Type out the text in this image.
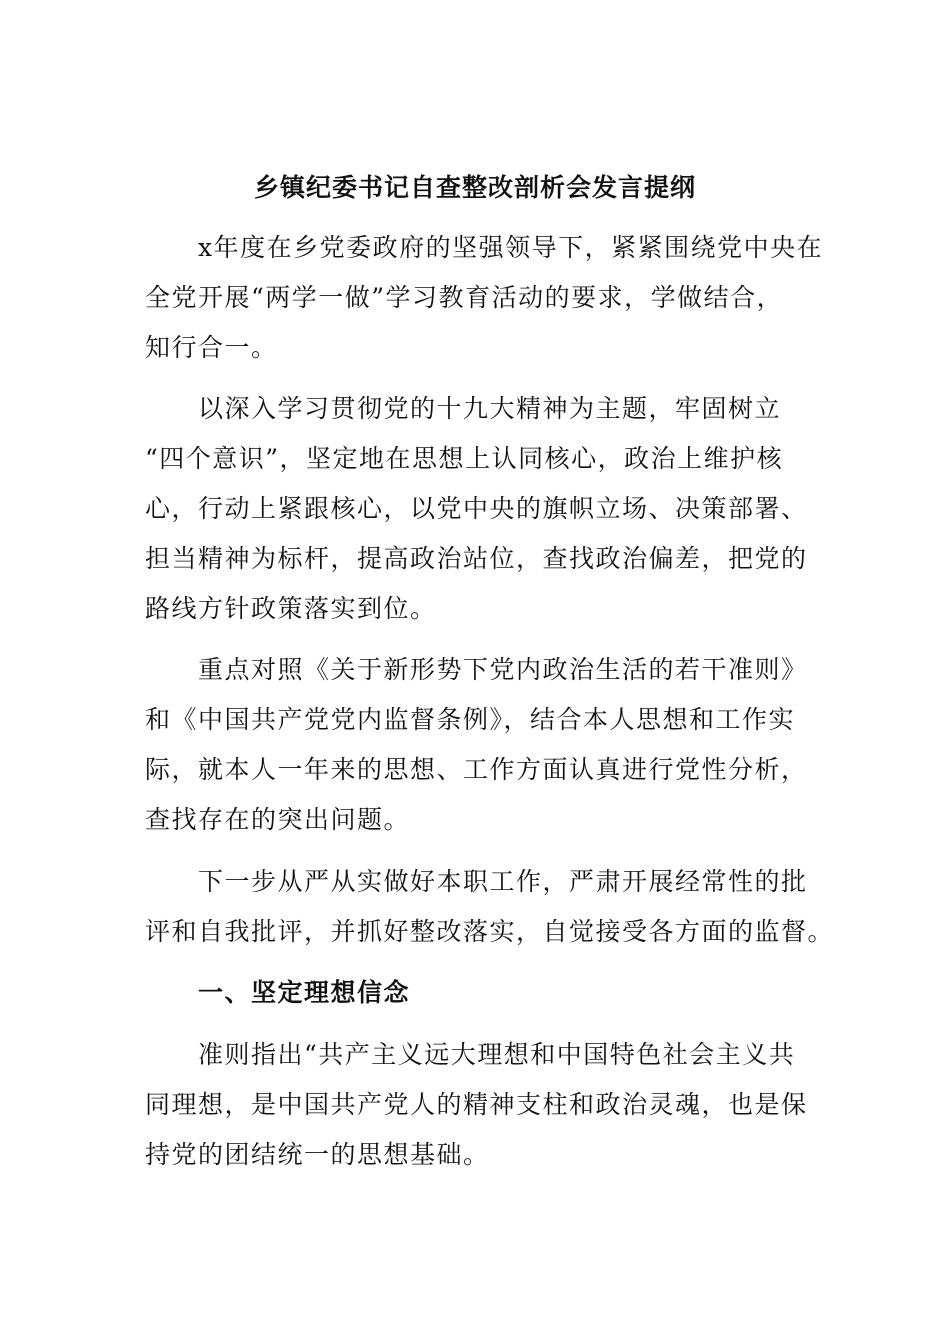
乡镇纪委书记自查整改剖析会发言提纲
x年度在乡党委政府的坚强领导下，紧紧围绕党中央在
全党开展“两学一做”学习教育活动的要求，学做结合，
知行合一。
以深入学习贯彻党的十九大精神为主题，牢固树立
“四个意识”，坚定地在思想上认同核心，政治上维护核
心，行动上紧跟核心，以党中央的旗帜立场、决策部署、
担当精神为标杆，提高政治站位，查找政治偏差，把党的
路线方针政策落实到位。
重点对照《关于新形势下党内政治生活的若干准则》
和《中国共产党党内监督条例》，结合本人思想和工作实
际，就本人一年来的思想、工作方面认真进行党性分析，
查找存在的突出问题。
下一步从严从实做好本职工作，严肃开展经常性的批
评和自我批评，并抓好整改落实，自觉接受各方面的监督。
一、坚定理想信念
准则指出“共产主义远大理想和中国特色社会主义共
同理想，是中国共产党人的精神支柱和政治灵魂，也是保
持党的团结统一的思想基础。
